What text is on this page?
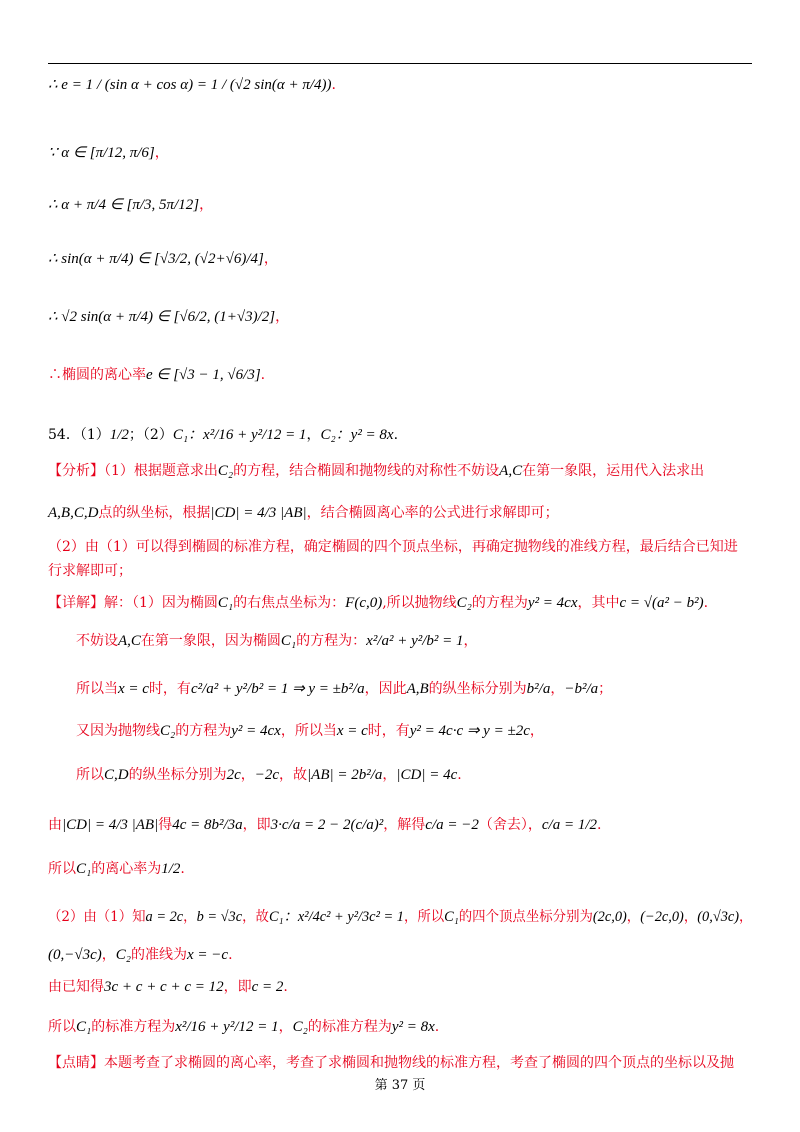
∴ e = 1 / (sin α + cos α) = 1 / (√2 sin(α + π/4)).
∵ α ∈ [π/12, π/6]，
∴ α + π/4 ∈ [π/3, 5π/12]，
∴ sin(α + π/4) ∈ [√3/2, (√2+√6)/4]，
∴ √2 sin(α + π/4) ∈ [√6/2, (1+√3)/2]，
∴椭圆的离心率e ∈ [√3 − 1, √6/3].
54．（1）1/2；（2）C₁：x²/16 + y²/12 = 1，C₂：y² = 8x.
【分析】（1）根据题意求出C₂的方程，结合椭圆和抛物线的对称性不妨设A,C在第一象限，运用代入法求出
A,B,C,D点的纵坐标，根据|CD| = 4/3 |AB|，结合椭圆离心率的公式进行求解即可；
（2）由（1）可以得到椭圆的标准方程，确定椭圆的四个顶点坐标，再确定抛物线的准线方程，最后结合已知进
行求解即可；
【详解】解：（1）因为椭圆C₁的右焦点坐标为：F(c,0),所以抛物线C₂的方程为y² = 4cx，其中c = √(a² − b²).
不妨设A,C在第一象限，因为椭圆C₁的方程为：x²/a² + y²/b² = 1，
所以当x = c时，有c²/a² + y²/b² = 1 ⇒ y = ±b²/a，因此A,B的纵坐标分别为b²/a，−b²/a；
又因为抛物线C₂的方程为y² = 4cx，所以当x = c时，有y² = 4c·c ⇒ y = ±2c，
所以C,D的纵坐标分别为2c，−2c，故|AB| = 2b²/a，|CD| = 4c.
由|CD| = 4/3 |AB|得4c = 8b²/3a，即3·c/a = 2 − 2(c/a)²，解得c/a = −2（舍去），c/a = 1/2.
所以C₁的离心率为1/2.
（2）由（1）知a = 2c，b = √3c，故C₁：x²/4c² + y²/3c² = 1，所以C₁的四个顶点坐标分别为(2c,0)，(−2c,0)，(0,√3c)，
(0,−√3c)，C₂的准线为x = −c.
由已知得3c + c + c + c = 12，即c = 2.
所以C₁的标准方程为x²/16 + y²/12 = 1，C₂的标准方程为y² = 8x.
【点睛】本题考查了求椭圆的离心率，考查了求椭圆和抛物线的标准方程，考查了椭圆的四个顶点的坐标以及抛
第 37 页
